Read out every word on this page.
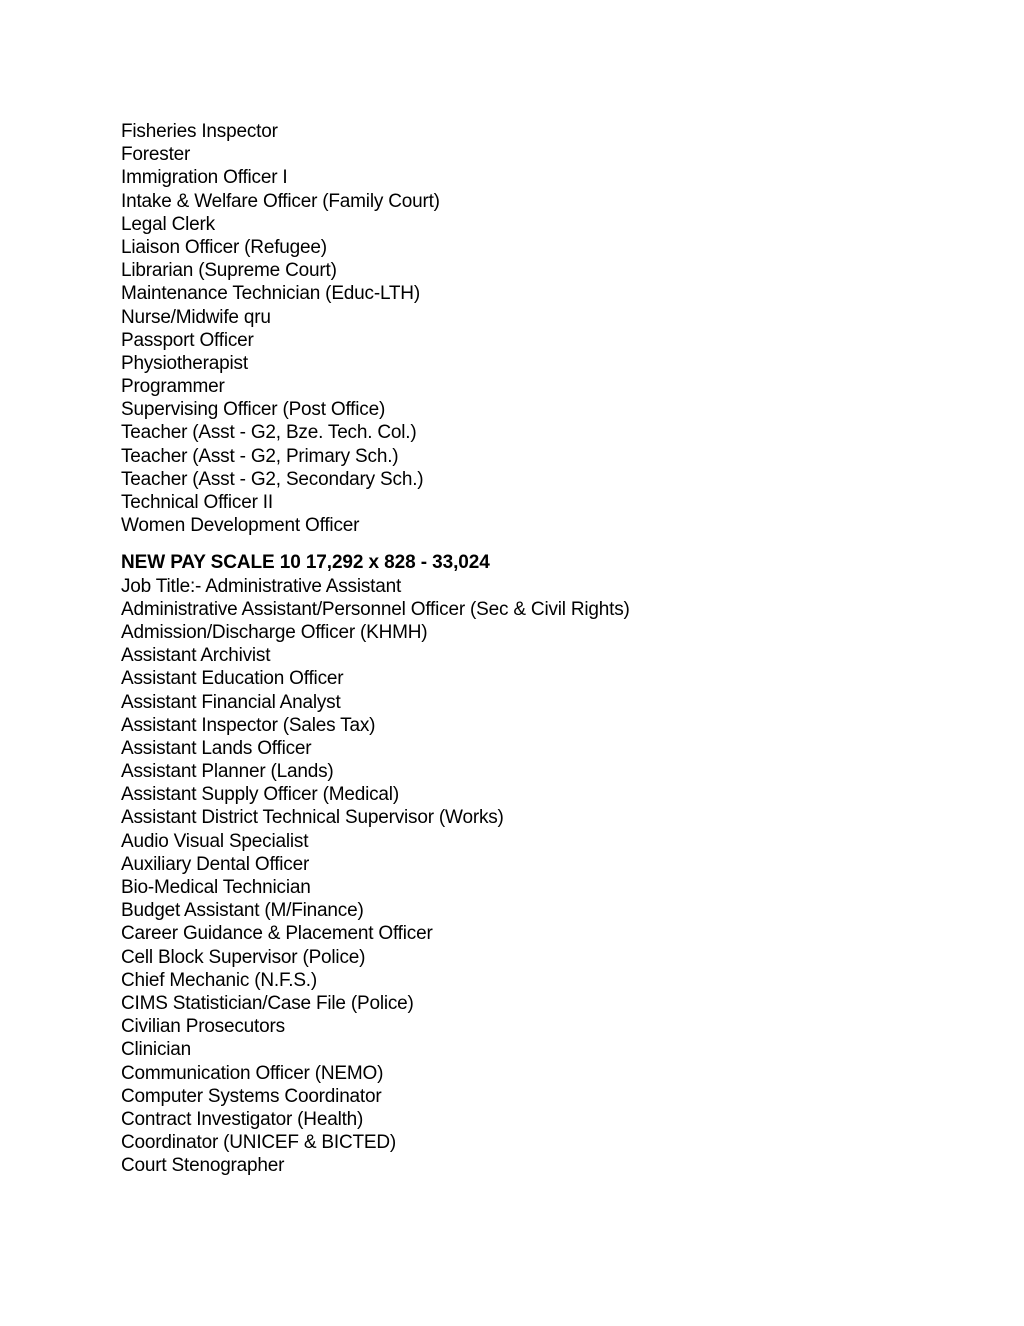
Fisheries Inspector
Forester
Immigration Officer I
Intake & Welfare Officer (Family Court)
Legal Clerk
Liaison Officer (Refugee)
Librarian (Supreme Court)
Maintenance Technician (Educ-LTH)
Nurse/Midwife qru
Passport Officer
Physiotherapist
Programmer
Supervising Officer (Post Office)
Teacher (Asst - G2, Bze. Tech. Col.)
Teacher (Asst - G2, Primary Sch.)
Teacher (Asst - G2, Secondary Sch.)
Technical Officer II
Women Development Officer
NEW PAY SCALE 10 17,292 x 828 - 33,024
Job Title:- Administrative Assistant
Administrative Assistant/Personnel Officer (Sec & Civil Rights)
Admission/Discharge Officer (KHMH)
Assistant Archivist
Assistant Education Officer
Assistant Financial Analyst
Assistant Inspector (Sales Tax)
Assistant Lands Officer
Assistant Planner (Lands)
Assistant Supply Officer (Medical)
Assistant District Technical Supervisor (Works)
Audio Visual Specialist
Auxiliary Dental Officer
Bio-Medical Technician
Budget Assistant (M/Finance)
Career Guidance & Placement Officer
Cell Block Supervisor (Police)
Chief Mechanic (N.F.S.)
CIMS Statistician/Case File (Police)
Civilian Prosecutors
Clinician
Communication Officer (NEMO)
Computer Systems Coordinator
Contract Investigator (Health)
Coordinator (UNICEF & BICTED)
Court Stenographer
